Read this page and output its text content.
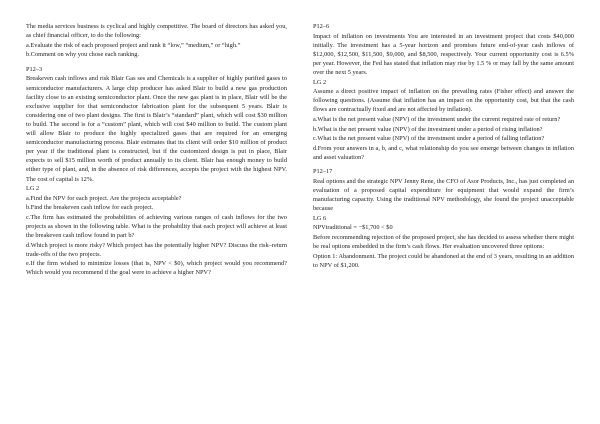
The media services business is cyclical and highly competitive. The board of directors has asked you, as chief financial officer, to do the following:

a.Evaluate the risk of each proposed project and rank it “low,” “medium,” or “high.”

b.Comment on why you chose each ranking.

P12–3

Breakeven cash inflows and risk Blair Gas ses and Chemicals is a supplier of highly purified gases to semiconductor manufacturers. A large chip producer has asked Blair to build a new gas production facility close to an existing semiconductor plant. Once the new gas plant is in place, Blair will be the exclusive supplier for that semiconductor fabrication plant for the subsequent 5 years. Blair is considering one of two plant designs. The first is Blair’s “standard” plant, which will cost $30 million to build. The second is for a “custom” plant, which will cost $40 million to build. The custom plant will allow Blair to produce the highly specialized gases that are required for an emerging semiconductor manufacturing process. Blair estimates that its client will order $10 million of product per year if the traditional plant is constructed, but if the customized design is put in place, Blair expects to sell $15 million worth of product annually to its client. Blair has enough money to build either type of plant, and, in the absence of risk differences, accepts the project with the highest NPV. The cost of capital is 12%.

LG 2

a.Find the NPV for each project. Are the projects acceptable?

b.Find the breakeven cash inflow for each project.

c.The firm has estimated the probabilities of achieving various ranges of cash inflows for the two projects as shown in the following table. What is the probability that each project will achieve at least the breakeven cash inflow found in part b?

d.Which project is more risky? Which project has the potentially higher NPV? Discuss the risk–return trade-offs of the two projects.

e.If the firm wished to minimize losses (that is, NPV < $0), which project would you recommend? Which would you recommend if the goal were to achieve a higher NPV?

P12–6

Impact of inflation on investments You are interested in an investment project that costs $40,000 initially. The investment has a 5-year horizon and promises future end-of-year cash inflows of $12,000, $12,500, $11,500, $9,000, and $8,500, respectively. Your current opportunity cost is 6.5% per year. However, the Fed has stated that inflation may rise by 1.5 % or may fall by the same amount over the next 5 years.

LG 2

Assume a direct positive impact of inflation on the prevailing rates (Fisher effect) and answer the following questions. (Assume that inflation has an impact on the opportunity cost, but that the cash flows are contractually fixed and are not affected by inflation).

a.What is the net present value (NPV) of the investment under the current required rate of return?

b.What is the net present value (NPV) of the investment under a period of rising inflation?

c.What is the net present value (NPV) of the investment under a period of falling inflation?

d.From your answers in a, b, and c, what relationship do you see emerge between changes in inflation and asset valuation?

P12–17

Real options and the strategic NPV Jenny Rene, the CFO of Asor Products, Inc., has just completed an evaluation of a proposed capital expenditure for equipment that would expand the firm’s manufacturing capacity. Using the traditional NPV methodology, she found the project unacceptable because

LG 6

NPVtraditional = −$1,700 < $0

Before recommending rejection of the proposed project, she has decided to assess whether there might be real options embedded in the firm’s cash flows. Her evaluation uncovered three options:

Option 1: Abandonment. The project could be abandoned at the end of 3 years, resulting in an addition to NPV of $1,200.
